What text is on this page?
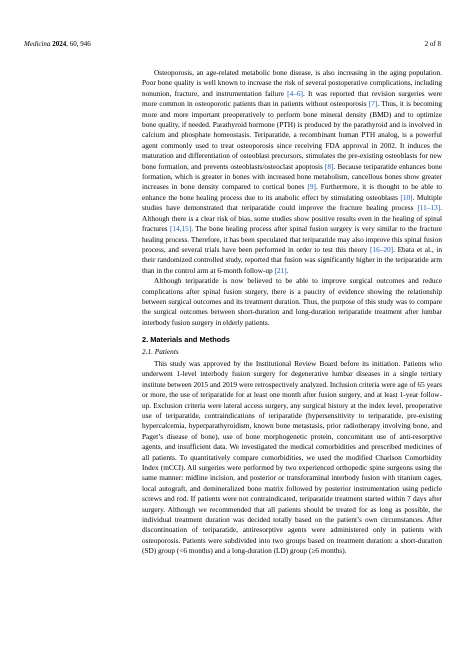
Medicina 2024, 60, 946	2 of 8

Osteoporosis, an age-related metabolic bone disease, is also increasing in the aging population. Poor bone quality is well known to increase the risk of several postoperative complications, including nonunion, fracture, and instrumentation failure [4–6]. It was reported that revision surgeries were more common in osteoporotic patients than in patients without osteoporosis [7]. Thus, it is becoming more and more important preoperatively to perform bone mineral density (BMD) and to optimize bone quality, if needed. Parathyroid hormone (PTH) is produced by the parathyroid and is involved in calcium and phosphate homeostasis. Teriparatide, a recombinant human PTH analog, is a powerful agent commonly used to treat osteoporosis since receiving FDA approval in 2002. It induces the maturation and differentiation of osteoblast precursors, stimulates the pre-existing osteoblasts for new bone formation, and prevents osteoblasts/osteoclast apoptosis [8]. Because teriparatide enhances bone formation, which is greater in bones with increased bone metabolism, cancellous bones show greater increases in bone density compared to cortical bones [9]. Furthermore, it is thought to be able to enhance the bone healing process due to its anabolic effect by stimulating osteoblasts [10]. Multiple studies have demonstrated that teriparatide could improve the fracture healing process [11–13]. Although there is a clear risk of bias, some studies show positive results even in the healing of spinal fractures [14,15]. The bone healing process after spinal fusion surgery is very similar to the fracture healing process. Therefore, it has been speculated that teriparatide may also improve this spinal fusion process, and several trials have been performed in order to test this theory [16–20]. Ebata et al., in their randomized controlled study, reported that fusion was significantly higher in the teriparatide arm than in the control arm at 6-month follow-up [21].

Although teriparatide is now believed to be able to improve surgical outcomes and reduce complications after spinal fusion surgery, there is a paucity of evidence showing the relationship between surgical outcomes and its treatment duration. Thus, the purpose of this study was to compare the surgical outcomes between short-duration and long-duration teriparatide treatment after lumbar interbody fusion surgery in elderly patients.

2. Materials and Methods
2.1. Patients

This study was approved by the Institutional Review Board before its initiation. Patients who underwent 1-level interbody fusion surgery for degenerative lumbar diseases in a single tertiary institute between 2015 and 2019 were retrospectively analyzed. Inclusion criteria were age of 65 years or more, the use of teriparatide for at least one month after fusion surgery, and at least 1-year follow-up. Exclusion criteria were lateral access surgery, any surgical history at the index level, preoperative use of teriparatide, contraindications of teriparatide (hypersensitivity to teriparatide, pre-existing hypercalcemia, hyperparathyroidism, known bone metastasis, prior radiotherapy involving bone, and Paget’s disease of bone), use of bone morphogenetic protein, concomitant use of anti-resorptive agents, and insufficient data. We investigated the medical comorbidities and prescribed medicines of all patients. To quantitatively compare comorbidities, we used the modified Charlson Comorbidity Index (mCCI). All surgeries were performed by two experienced orthopedic spine surgeons using the same manner: midline incision, and posterior or transforaminal interbody fusion with titanium cages, local autograft, and demineralized bone matrix followed by posterior instrumentation using pedicle screws and rod. If patients were not contraindicated, teriparatide treatment started within 7 days after surgery. Although we recommended that all patients should be treated for as long as possible, the individual treatment duration was decided totally based on the patient’s own circumstances. After discontinuation of teriparatide, antiresorptive agents were administered only in patients with osteoporosis. Patients were subdivided into two groups based on treatment duration: a short-duration (SD) group (<6 months) and a long-duration (LD) group (≥6 months).
